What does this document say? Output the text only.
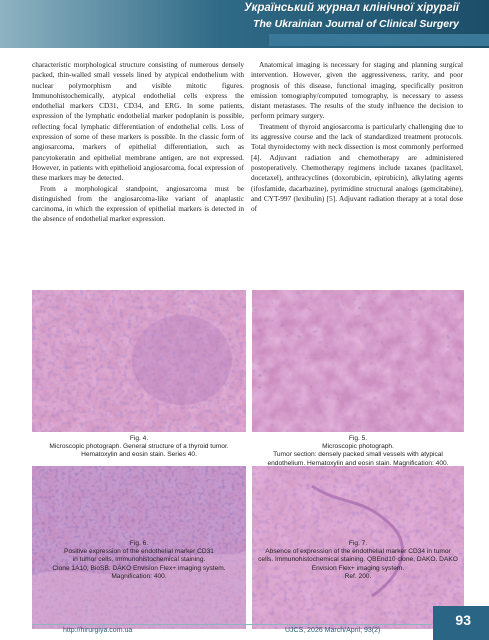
Український журнал клінічної хірургії
The Ukrainian Journal of Clinical Surgery

characteristic morphological structure consisting of numerous densely packed, thin-walled small vessels lined by atypical endothelium with nuclear polymorphism and visible mitotic figures. Immunohistochemically, atypical endothelial cells express the endothelial markers CD31, CD34, and ERG. In some patients, expression of the lymphatic endothelial marker podoplanin is possible, reflecting focal lymphatic differentiation of endothelial cells. Loss of expression of some of these markers is possible. In the classic form of angiosarcoma, markers of epithelial differentiation, such as pancytokeratin and epithelial membrane antigen, are not expressed. However, in patients with epithelioid angiosarcoma, focal expression of these markers may be detected.

From a morphological standpoint, angiosarcoma must be distinguished from the angiosarcoma-like variant of anaplastic carcinoma, in which the expression of epithelial markers is detected in the absence of endothelial marker expression.

Anatomical imaging is necessary for staging and planning surgical intervention. However, given the aggressiveness, rarity, and poor prognosis of this disease, functional imaging, specifically positron emission tomography/computed tomography, is necessary to assess distant metastases. The results of the study influence the decision to perform primary surgery.

Treatment of thyroid angiosarcoma is particularly challenging due to its aggressive course and the lack of standardized treatment protocols. Total thyroidectomy with neck dissection is most commonly performed [4]. Adjuvant radiation and chemotherapy are administered postoperatively. Chemotherapy regimens include taxanes (paclitaxel, docetaxel), anthracyclines (doxorubicin, epirubicin), alkylating agents (ifosfamide, dacarbazine), pyrimidine structural analogs (gemcitabine), and CYT-997 (lexibulin) [5]. Adjuvant radiation therapy at a total dose of

Fig. 4.
Microscopic photograph. General structure of a thyroid tumor.
Hematoxylin and eosin stain. Series 40.
Fig. 5.
Microscopic photograph.
Tumor section: densely packed small vessels with atypical
endothelium. Hematoxylin and eosin stain. Magnification: 400.
Fig. 6.
Positive expression of the endothelial marker CD31
in tumor cells. Immunohistochemical staining.
Clone 1A10, BioSB. DAKO Envision Flex+ imaging system.
Magnification: 400.
Fig. 7.
Absence of expression of the endothelial marker CD34 in tumor
cells. Immunohistochemical staining. QBEnd10 clone, DAKO. DAKO
Envision Flex+ imaging system.
Ref. 200.
http://hirurgiya.com.ua	UJCS, 2026 March/April; 93(2)
93
